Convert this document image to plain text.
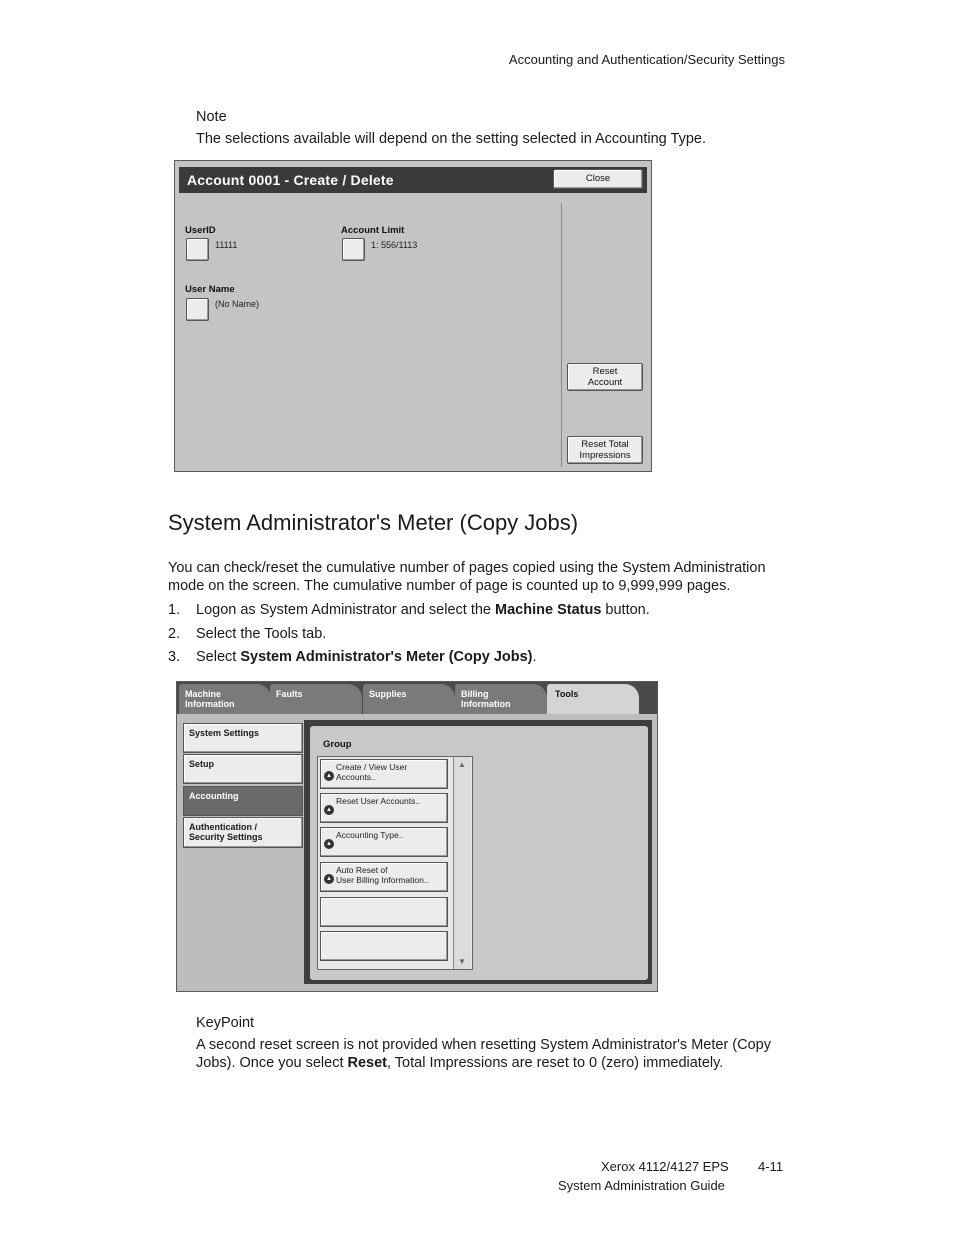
Accounting and Authentication/Security Settings
Note
The selections available will depend on the setting selected in Accounting Type.
Account 0001 - Create / Delete	Close
UserID
11111
Account Limit
1: 556/1113
User Name
(No Name)
Reset
Account
Reset Total
Impressions
System Administrator's Meter (Copy Jobs)
You can check/reset the cumulative number of pages copied using the System Administration
mode on the screen. The cumulative number of page is counted up to 9,999,999 pages.
1. Logon as System Administrator and select the Machine Status button.
2. Select the Tools tab.
3. Select System Administrator's Meter (Copy Jobs).
Machine
Information
Faults	Supplies	Billing
Information
Tools
System Settings
Setup
Accounting
Authentication /
Security Settings
Group
▲
Create / View User Accounts..
▲
Reset User Accounts..
▲
Accounting Type..
▲
Auto Reset of
User Billing Information..
▲
▼
KeyPoint
A second reset screen is not provided when resetting System Administrator's Meter (Copy
Jobs). Once you select Reset, Total Impressions are reset to 0 (zero) immediately.
Xerox 4112/4127 EPS 4-11
System Administration Guide
